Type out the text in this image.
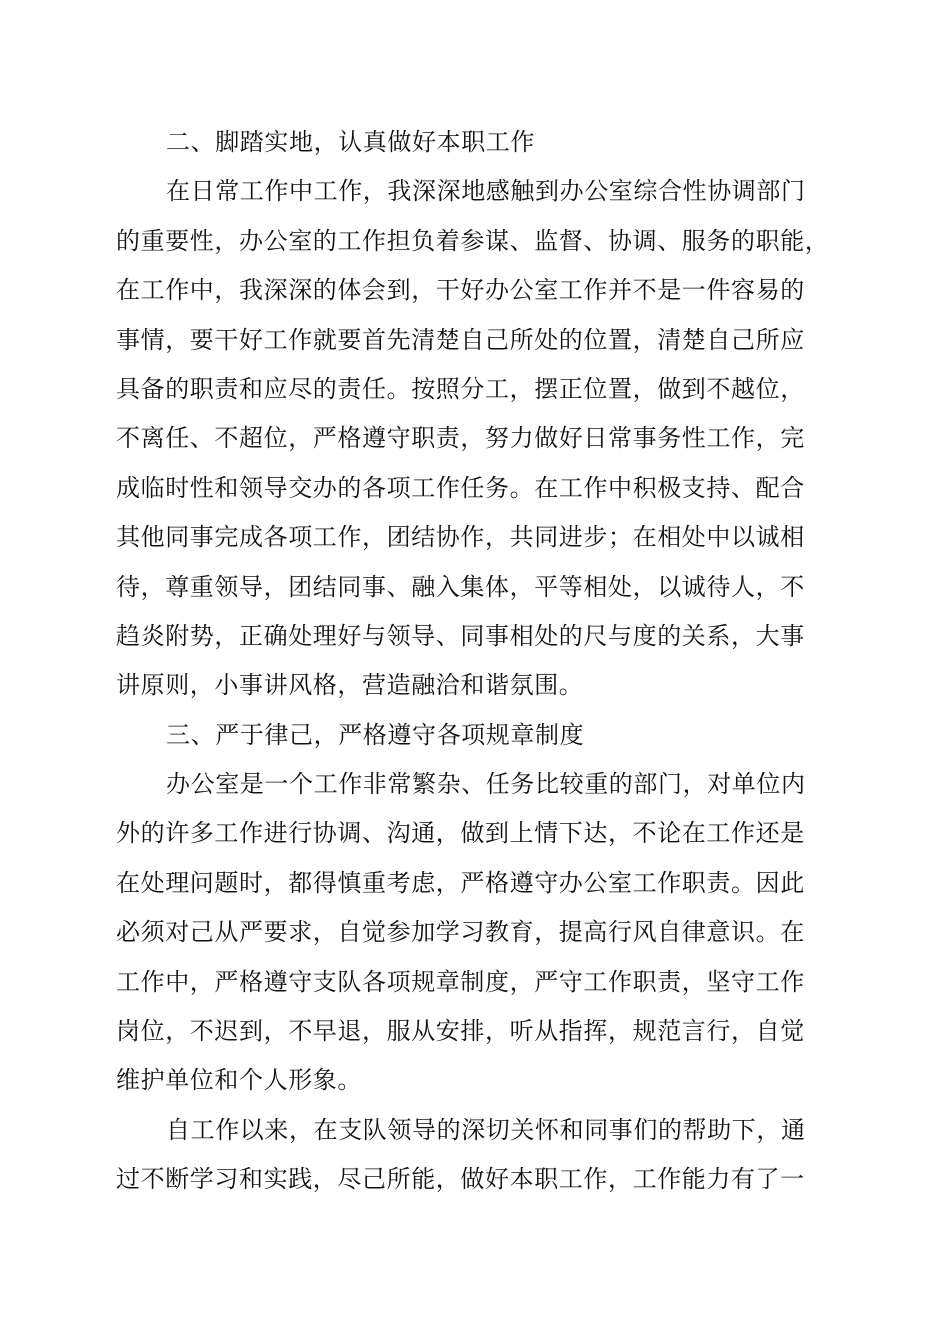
二、脚踏实地，认真做好本职工作
在日常工作中工作，我深深地感触到办公室综合性协调部门
的重要性，办公室的工作担负着参谋、监督、协调、服务的职能，
在工作中，我深深的体会到，干好办公室工作并不是一件容易的
事情，要干好工作就要首先清楚自己所处的位置，清楚自己所应
具备的职责和应尽的责任。按照分工，摆正位置，做到不越位，
不离任、不超位，严格遵守职责，努力做好日常事务性工作，完
成临时性和领导交办的各项工作任务。在工作中积极支持、配合
其他同事完成各项工作，团结协作，共同进步；在相处中以诚相
待，尊重领导，团结同事、融入集体，平等相处，以诚待人，不
趋炎附势，正确处理好与领导、同事相处的尺与度的关系，大事
讲原则，小事讲风格，营造融洽和谐氛围。
三、严于律己，严格遵守各项规章制度
办公室是一个工作非常繁杂、任务比较重的部门，对单位内
外的许多工作进行协调、沟通，做到上情下达，不论在工作还是
在处理问题时，都得慎重考虑，严格遵守办公室工作职责。因此
必须对己从严要求，自觉参加学习教育，提高行风自律意识。在
工作中，严格遵守支队各项规章制度，严守工作职责，坚守工作
岗位，不迟到，不早退，服从安排，听从指挥，规范言行，自觉
维护单位和个人形象。
自工作以来，在支队领导的深切关怀和同事们的帮助下，通
过不断学习和实践，尽己所能，做好本职工作，工作能力有了一
